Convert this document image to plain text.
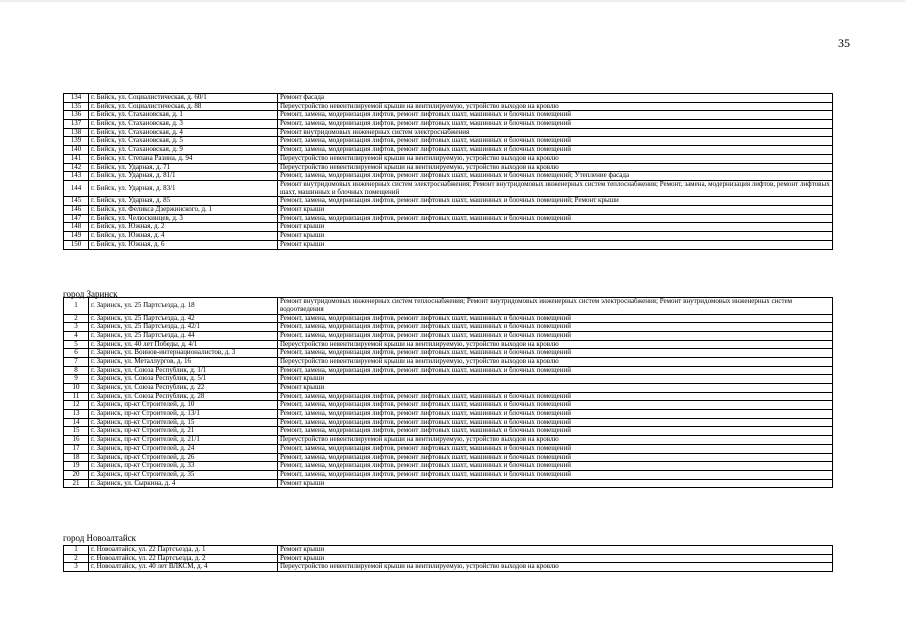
35
134	г. Бийск, ул. Социалистическая, д. 60/1	Ремонт фасада
135	г. Бийск, ул. Социалистическая, д. 88	Переустройство невентилируемой крыши на вентилируемую, устройство выходов на кровлю
136	г. Бийск, ул. Стахановская, д. 1	Ремонт, замена, модернизация лифтов, ремонт лифтовых шахт, машинных и блочных помещений
137	г. Бийск, ул. Стахановская, д. 3	Ремонт, замена, модернизация лифтов, ремонт лифтовых шахт, машинных и блочных помещений
138	г. Бийск, ул. Стахановская, д. 4	Ремонт внутридомовых инженерных систем электроснабжения
139	г. Бийск, ул. Стахановская, д. 5	Ремонт, замена, модернизация лифтов, ремонт лифтовых шахт, машинных и блочных помещений
140	г. Бийск, ул. Стахановская, д. 9	Ремонт, замена, модернизация лифтов, ремонт лифтовых шахт, машинных и блочных помещений
141	г. Бийск, ул. Степана Разина, д. 94	Переустройство невентилируемой крыши на вентилируемую, устройство выходов на кровлю
142	г. Бийск, ул. Ударная, д. 71	Переустройство невентилируемой крыши на вентилируемую, устройство выходов на кровлю
143	г. Бийск, ул. Ударная, д. 81/1	Ремонт, замена, модернизация лифтов, ремонт лифтовых шахт, машинных и блочных помещений; Утепление фасада
144	г. Бийск, ул. Ударная, д. 83/1	Ремонт внутридомовых инженерных систем электроснабжения; Ремонт внутридомовых инженерных систем теплоснабжения; Ремонт, замена, модернизация лифтов, ремонт лифтовых шахт, машинных и блочных помещений
145	г. Бийск, ул. Ударная, д. 85	Ремонт, замена, модернизация лифтов, ремонт лифтовых шахт, машинных и блочных помещений; Ремонт крыши
146	г. Бийск, ул. Феликса Дзержинского, д. 1	Ремонт крыши
147	г. Бийск, ул. Челюскинцев, д. 3	Ремонт, замена, модернизация лифтов, ремонт лифтовых шахт, машинных и блочных помещений
148	г. Бийск, ул. Южная, д. 2	Ремонт крыши
149	г. Бийск, ул. Южная, д. 4	Ремонт крыши
150	г. Бийск, ул. Южная, д. 6	Ремонт крыши
город Заринск
1	г. Заринск, ул. 25 Партсъезда, д. 18	Ремонт внутридомовых инженерных систем теплоснабжения; Ремонт внутридомовых инженерных систем электроснабжения; Ремонт внутридомовых инженерных систем водоотведения
2	г. Заринск, ул. 25 Партсъезда, д. 42	Ремонт, замена, модернизация лифтов, ремонт лифтовых шахт, машинных и блочных помещений
3	г. Заринск, ул. 25 Партсъезда, д. 42/1	Ремонт, замена, модернизация лифтов, ремонт лифтовых шахт, машинных и блочных помещений
4	г. Заринск, ул. 25 Партсъезда, д. 44	Ремонт, замена, модернизация лифтов, ремонт лифтовых шахт, машинных и блочных помещений
5	г. Заринск, ул. 40 лет Победы, д. 4/1	Переустройство невентилируемой крыши на вентилируемую, устройство выходов на кровлю
6	г. Заринск, ул. Воинов-интернационалистов, д. 3	Ремонт, замена, модернизация лифтов, ремонт лифтовых шахт, машинных и блочных помещений
7	г. Заринск, ул. Металлургов, д. 16	Переустройство невентилируемой крыши на вентилируемую, устройство выходов на кровлю
8	г. Заринск, ул. Союза Республик, д. 1/1	Ремонт, замена, модернизация лифтов, ремонт лифтовых шахт, машинных и блочных помещений
9	г. Заринск, ул. Союза Республик, д. 5/1	Ремонт крыши
10	г. Заринск, ул. Союза Республик, д. 22	Ремонт крыши
11	г. Заринск, ул. Союза Республик, д. 28	Ремонт, замена, модернизация лифтов, ремонт лифтовых шахт, машинных и блочных помещений
12	г. Заринск, пр-кт Строителей, д. 10	Ремонт, замена, модернизация лифтов, ремонт лифтовых шахт, машинных и блочных помещений
13	г. Заринск, пр-кт Строителей, д. 13/1	Ремонт, замена, модернизация лифтов, ремонт лифтовых шахт, машинных и блочных помещений
14	г. Заринск, пр-кт Строителей, д. 15	Ремонт, замена, модернизация лифтов, ремонт лифтовых шахт, машинных и блочных помещений
15	г. Заринск, пр-кт Строителей, д. 21	Ремонт, замена, модернизация лифтов, ремонт лифтовых шахт, машинных и блочных помещений
16	г. Заринск, пр-кт Строителей, д. 21/1	Переустройство невентилируемой крыши на вентилируемую, устройство выходов на кровлю
17	г. Заринск, пр-кт Строителей, д. 24	Ремонт, замена, модернизация лифтов, ремонт лифтовых шахт, машинных и блочных помещений
18	г. Заринск, пр-кт Строителей, д. 26	Ремонт, замена, модернизация лифтов, ремонт лифтовых шахт, машинных и блочных помещений
19	г. Заринск, пр-кт Строителей, д. 33	Ремонт, замена, модернизация лифтов, ремонт лифтовых шахт, машинных и блочных помещений
20	г. Заринск, пр-кт Строителей, д. 35	Ремонт, замена, модернизация лифтов, ремонт лифтовых шахт, машинных и блочных помещений
21	г. Заринск, ул. Сыркина, д. 4	Ремонт крыши
город Новоалтайск
1	г. Новоалтайск, ул. 22 Партсъезда, д. 1	Ремонт крыши
2	г. Новоалтайск, ул. 22 Партсъезда, д. 2	Ремонт крыши
3	г. Новоалтайск, ул. 40 лет ВЛКСМ, д. 4	Переустройство невентилируемой крыши на вентилируемую, устройство выходов на кровлю
